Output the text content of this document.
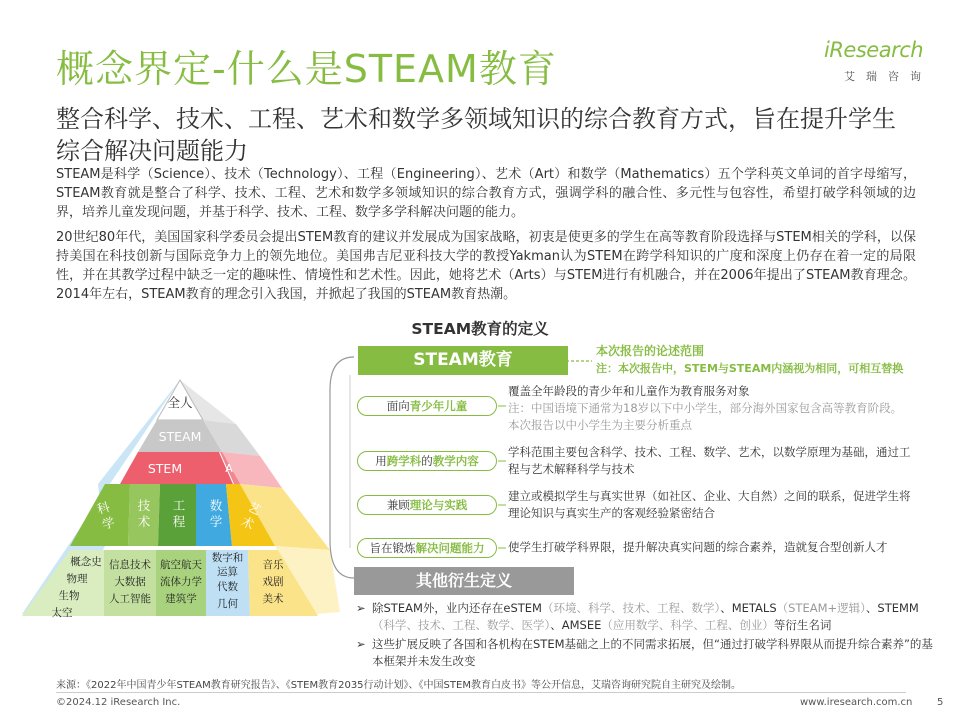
概念界定-什么是STEAM教育	iResearch
艾瑞咨询
整合科学、技术、工程、艺术和数学多领域知识的综合教育方式，旨在提升学生综合解决问题能力
STEAM是科学（Science）、技术（Technology）、工程（Engineering）、艺术（Art）和数学（Mathematics）五个学科英文单词的首字母缩写，STEAM教育就是整合了科学、技术、工程、艺术和数学多领域知识的综合教育方式，强调学科的融合性、多元性与包容性，希望打破学科领域的边界，培养儿童发现问题，并基于科学、技术、工程、数学多学科解决问题的能力。
20世纪80年代，美国国家科学委员会提出STEM教育的建议并发展成为国家战略，初衷是使更多的学生在高等教育阶段选择与STEM相关的学科，以保持美国在科技创新与国际竞争力上的领先地位。美国弗吉尼亚科技大学的教授Yakman认为STEM在跨学科知识的广度和深度上仍存在着一定的局限性，并在其教学过程中缺乏一定的趣味性、情境性和艺术性。因此，她将艺术（Arts）与STEM进行有机融合，并在2006年提出了STEAM教育理念。2014年左右，STEAM教育的理念引入我国，并掀起了我国的STEAM教育热潮。
STEAM教育的定义
全人
STEAM
STEM	A
科学
技术
工程
数学
艺术
概念史
物理
生物
太空
信息技术
大数据
人工智能
航空航天
流体力学
建筑学
数字和
运算
代数
几何
音乐
戏剧
美术
STEAM教育	本次报告的论述范围
注：本次报告中，STEM与STEAM内涵视为相同，可相互替换
面向青少年儿童
用跨学科的教学内容
兼顾理论与实践
旨在锻炼解决问题能力
覆盖全年龄段的青少年和儿童作为教育服务对象
注：中国语境下通常为18岁以下中小学生，部分海外国家包含高等教育阶段。
本次报告以中小学生为主要分析重点
学科范围主要包含科学、技术、工程、数学、艺术，以数学原理为基础，通过工
程与艺术解释科学与技术
建立或模拟学生与真实世界（如社区、企业、大自然）之间的联系，促进学生将
理论知识与真实生产的客观经验紧密结合
使学生打破学科界限，提升解决真实问题的综合素养，造就复合型创新人才
其他衍生定义
➢ 除STEAM外，业内还存在eSTEM（环境、科学、技术、工程、数学）、METALS（STEAM+逻辑）、STEMM（科学、技术、工程、数学、医学）、AMSEE（应用数学、科学、工程、创业）等衍生名词
➢ 这些扩展反映了各国和各机构在STEM基础之上的不同需求拓展，但“通过打破学科界限从而提升综合素养”的基本框架并未发生改变
来源：《2022年中国青少年STEAM教育研究报告》、《STEM教育2035行动计划》、《中国STEM教育白皮书》等公开信息，艾瑞咨询研究院自主研究及绘制。
©2024.12 iResearch Inc.	www.iresearch.com.cn 5
